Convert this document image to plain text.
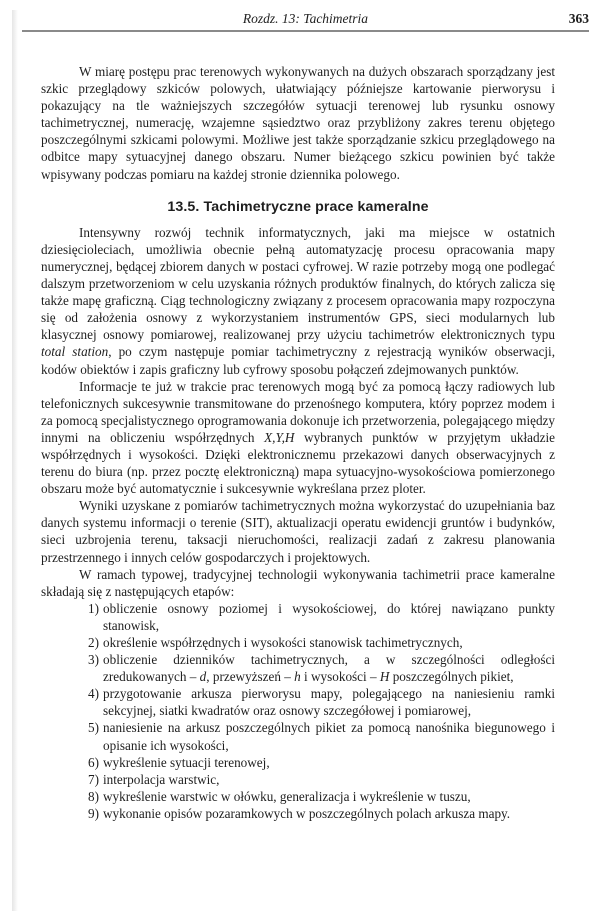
Rozdz. 13: Tachimetria	363

W miarę postępu prac terenowych wykonywanych na dużych obszarach sporządzany jest szkic przeglądowy szkiców polowych, ułatwiający późniejsze kartowanie pierworysu i pokazujący na tle ważniejszych szczegółów sytuacji terenowej lub rysunku osnowy tachimetrycznej, numerację, wzajemne sąsiedztwo oraz przybliżony zakres terenu objętego poszczególnymi szkicami polowymi. Możliwe jest także sporządzanie szkicu przeglądowego na odbitce mapy sytuacyjnej danego obszaru. Numer bieżącego szkicu powinien być także wpisywany podczas pomiaru na każdej stronie dziennika polowego.

13.5. Tachimetryczne prace kameralne

Intensywny rozwój technik informatycznych, jaki ma miejsce w ostatnich dziesięcioleciach, umożliwia obecnie pełną automatyzację procesu opracowania mapy numerycznej, będącej zbiorem danych w postaci cyfrowej. W razie potrzeby mogą one podlegać dalszym przetworzeniom w celu uzyskania różnych produktów finalnych, do których zalicza się także mapę graficzną. Ciąg technologiczny związany z procesem opracowania mapy rozpoczyna się od założenia osnowy z wykorzystaniem instrumentów GPS, sieci modularnych lub klasycznej osnowy pomiarowej, realizowanej przy użyciu tachimetrów elektronicznych typu total station, po czym następuje pomiar tachimetryczny z rejestracją wyników obserwacji, kodów obiektów i zapis graficzny lub cyfrowy sposobu połączeń zdejmowanych punktów.

Informacje te już w trakcie prac terenowych mogą być za pomocą łączy radiowych lub telefonicznych sukcesywnie transmitowane do przenośnego komputera, który poprzez modem i za pomocą specjalistycznego oprogramowania dokonuje ich przetworzenia, polegającego między innymi na obliczeniu współrzędnych X,Y,H wybranych punktów w przyjętym układzie współrzędnych i wysokości. Dzięki elektronicznemu przekazowi danych obserwacyjnych z terenu do biura (np. przez pocztę elektroniczną) mapa sytuacyjno-wysokościowa pomierzonego obszaru może być automatycznie i sukcesywnie wykreślana przez ploter.

Wyniki uzyskane z pomiarów tachimetrycznych można wykorzystać do uzupełniania baz danych systemu informacji o terenie (SIT), aktualizacji operatu ewidencji gruntów i budynków, sieci uzbrojenia terenu, taksacji nieruchomości, realizacji zadań z zakresu planowania przestrzennego i innych celów gospodarczych i projektowych.

W ramach typowej, tradycyjnej technologii wykonywania tachimetrii prace kameralne składają się z następujących etapów:

1) obliczenie osnowy poziomej i wysokościowej, do której nawiązano punkty stanowisk,
2) określenie współrzędnych i wysokości stanowisk tachimetrycznych,
3) obliczenie dzienników tachimetrycznych, a w szczególności odległości zredukowanych – d, przewyższeń – h i wysokości – H poszczególnych pikiet,
4) przygotowanie arkusza pierworysu mapy, polegającego na naniesieniu ramki sekcyjnej, siatki kwadratów oraz osnowy szczegółowej i pomiarowej,
5) naniesienie na arkusz poszczególnych pikiet za pomocą nanośnika biegunowego i opisanie ich wysokości,
6) wykreślenie sytuacji terenowej,
7) interpolacja warstwic,
8) wykreślenie warstwic w ołówku, generalizacja i wykreślenie w tuszu,
9) wykonanie opisów pozaramkowych w poszczególnych polach arkusza mapy.
